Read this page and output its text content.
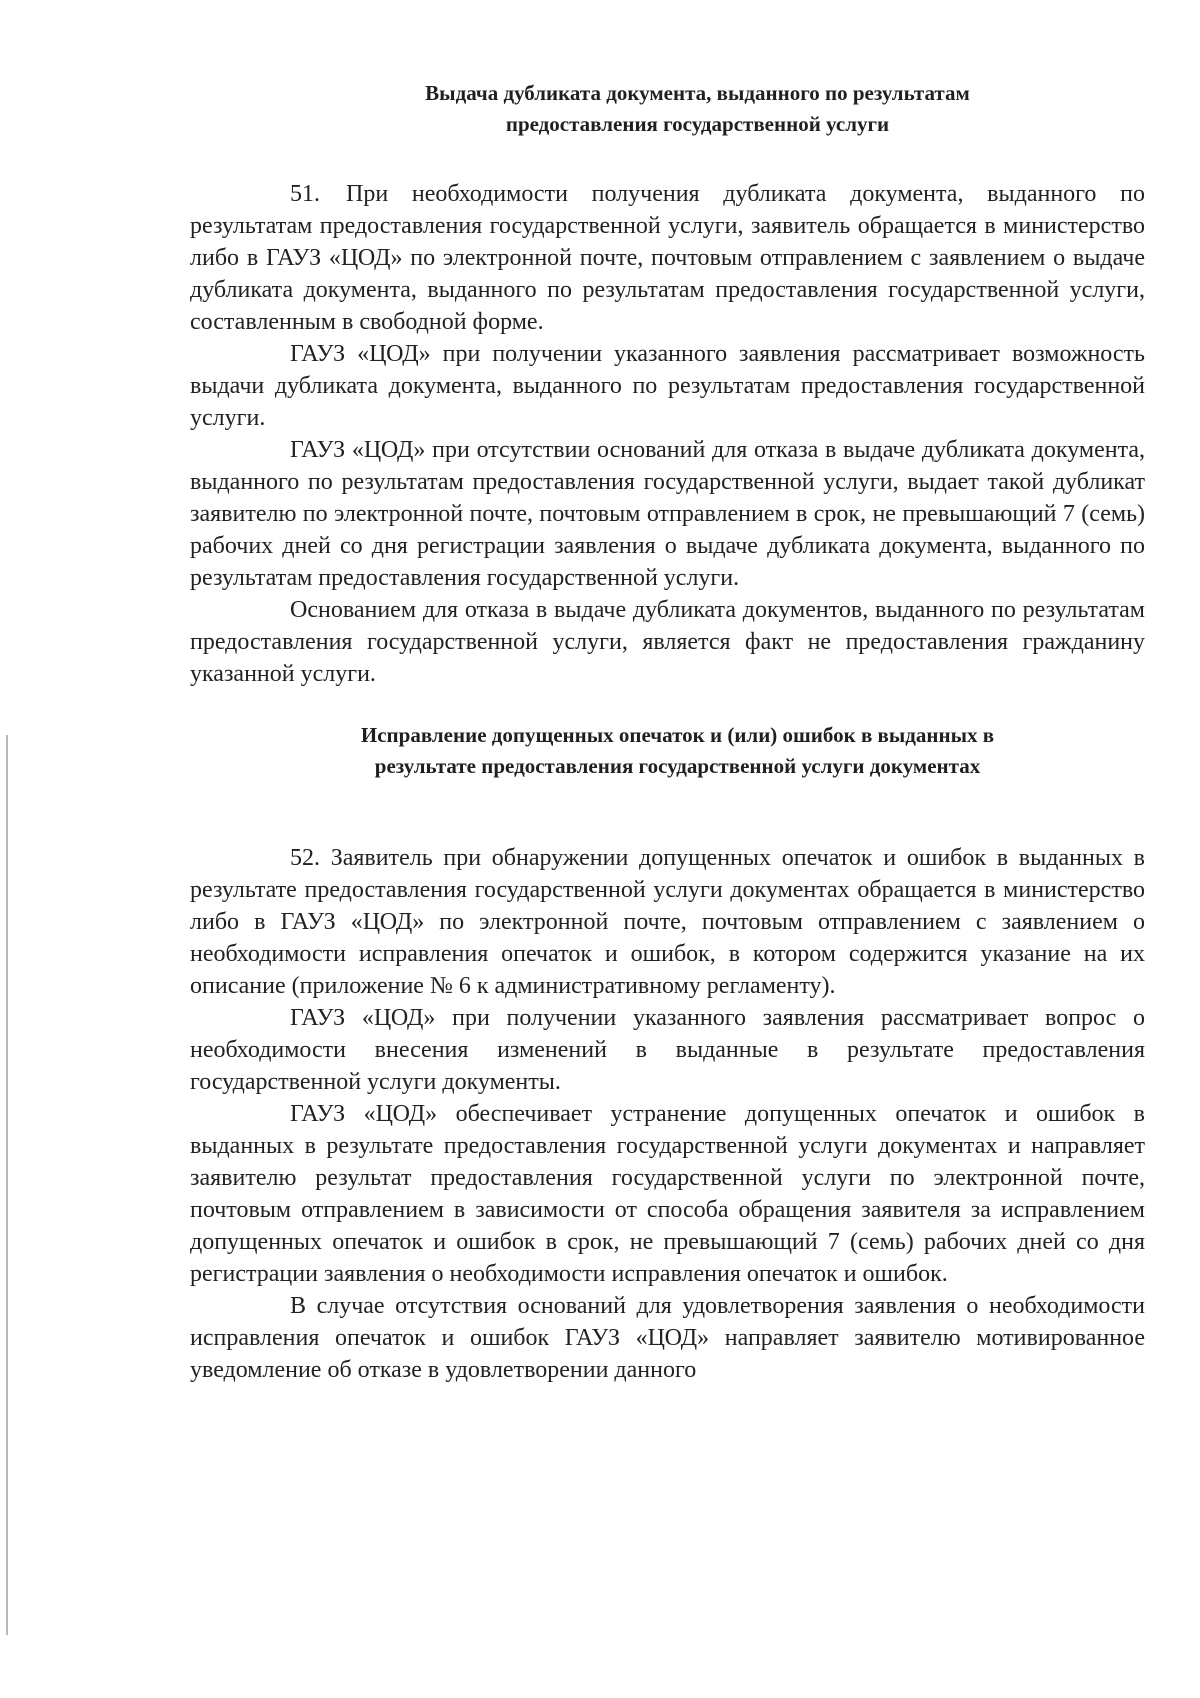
Выдача дубликата документа, выданного по результатам
предоставления государственной услуги

51. При необходимости получения дубликата документа, выданного по результатам предоставления государственной услуги, заявитель обращается в министерство либо в ГАУЗ «ЦОД» по электронной почте, почтовым отправлением с заявлением о выдаче дубликата документа, выданного по результатам предоставления государственной услуги, составленным в свободной форме.

ГАУЗ «ЦОД» при получении указанного заявления рассматривает возможность выдачи дубликата документа, выданного по результатам предоставления государственной услуги.

ГАУЗ «ЦОД» при отсутствии оснований для отказа в выдаче дубликата документа, выданного по результатам предоставления государственной услуги, выдает такой дубликат заявителю по электронной почте, почтовым отправлением в срок, не превышающий 7 (семь) рабочих дней со дня регистрации заявления о выдаче дубликата документа, выданного по результатам предоставления государственной услуги.

Основанием для отказа в выдаче дубликата документов, выданного по результатам предоставления государственной услуги, является факт не предоставления гражданину указанной услуги.

Исправление допущенных опечаток и (или) ошибок в выданных в
результате предоставления государственной услуги документах

52. Заявитель при обнаружении допущенных опечаток и ошибок в выданных в результате предоставления государственной услуги документах обращается в министерство либо в ГАУЗ «ЦОД» по электронной почте, почтовым отправлением с заявлением о необходимости исправления опечаток и ошибок, в котором содержится указание на их описание (приложение № 6 к административному регламенту).

ГАУЗ «ЦОД» при получении указанного заявления рассматривает вопрос о необходимости внесения изменений в выданные в результате предоставления государственной услуги документы.

ГАУЗ «ЦОД» обеспечивает устранение допущенных опечаток и ошибок в выданных в результате предоставления государственной услуги документах и направляет заявителю результат предоставления государственной услуги по электронной почте, почтовым отправлением в зависимости от способа обращения заявителя за исправлением допущенных опечаток и ошибок в срок, не превышающий 7 (семь) рабочих дней со дня регистрации заявления о необходимости исправления опечаток и ошибок.

В случае отсутствия оснований для удовлетворения заявления о необходимости исправления опечаток и ошибок ГАУЗ «ЦОД» направляет заявителю мотивированное уведомление об отказе в удовлетворении данного
